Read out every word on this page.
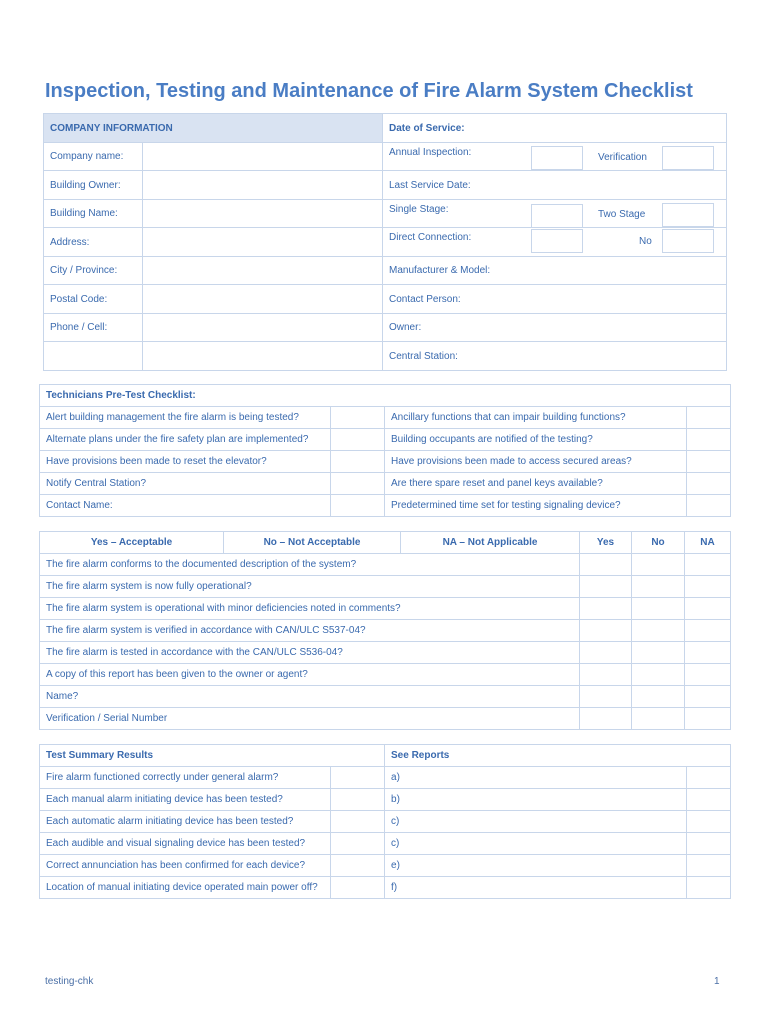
Inspection, Testing and Maintenance of Fire Alarm System Checklist
COMPANY INFORMATION		Date of Service:
Company name:		Annual Inspection: Verification

Building Owner:		Last Service Date:
Building Name:		Single Stage: Two Stage

Address:		Direct Connection: No

City / Province:		Manufacturer & Model:
Postal Code:		Contact Person:
Phone / Cell:		Owner:
		Central Station:
Technicians Pre-Test Checklist:			
Alert building management the fire alarm is being tested?		Ancillary functions that can impair building functions?	
Alternate plans under the fire safety plan are implemented?		Building occupants are notified of the testing?	
Have provisions been made to reset the elevator?		Have provisions been made to access secured areas?	
Notify Central Station?		Are there spare reset and panel keys available?	
Contact Name:		Predetermined time set for testing signaling device?	
Yes – Acceptable	No – Not Acceptable	NA – Not Applicable	Yes	No	NA
The fire alarm conforms to the documented description of the system?					
The fire alarm system is now fully operational?					
The fire alarm system is operational with minor deficiencies noted in comments?					
The fire alarm system is verified in accordance with CAN/ULC S537-04?					
The fire alarm is tested in accordance with the CAN/ULC S536-04?					
A copy of this report has been given to the owner or agent?					
Name?					
Verification / Serial Number					
Test Summary Results		See Reports	
Fire alarm functioned correctly under general alarm?		a)	
Each manual alarm initiating device has been tested?		b)	
Each automatic alarm initiating device has been tested?		c)	
Each audible and visual signaling device has been tested?		c)	
Correct annunciation has been confirmed for each device?		e)	
Location of manual initiating device operated main power off?		f)	
testing-chk	1
